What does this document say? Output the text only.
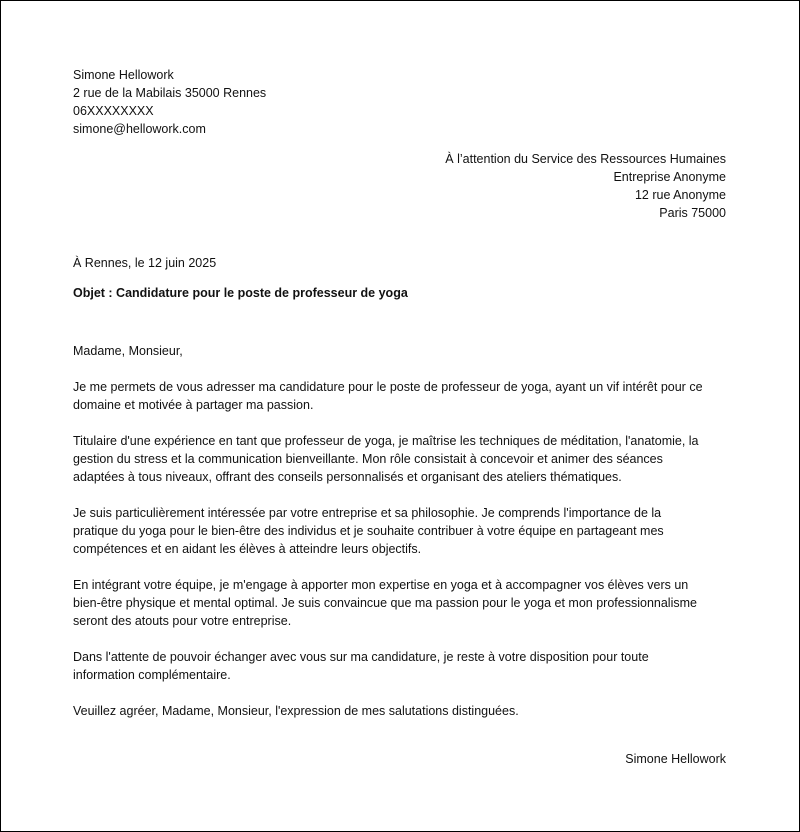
Simone Hellowork
2 rue de la Mabilais 35000 Rennes
06XXXXXXXX
simone@hellowork.com
À l’attention du Service des Ressources Humaines
Entreprise Anonyme
12 rue Anonyme
Paris 75000
À Rennes, le 12 juin 2025
Objet : Candidature pour le poste de professeur de yoga

Madame, Monsieur,

Je me permets de vous adresser ma candidature pour le poste de professeur de yoga, ayant un vif intérêt pour ce
domaine et motivée à partager ma passion.

Titulaire d'une expérience en tant que professeur de yoga, je maîtrise les techniques de méditation, l'anatomie, la
gestion du stress et la communication bienveillante. Mon rôle consistait à concevoir et animer des séances
adaptées à tous niveaux, offrant des conseils personnalisés et organisant des ateliers thématiques.

Je suis particulièrement intéressée par votre entreprise et sa philosophie. Je comprends l'importance de la
pratique du yoga pour le bien-être des individus et je souhaite contribuer à votre équipe en partageant mes
compétences et en aidant les élèves à atteindre leurs objectifs.

En intégrant votre équipe, je m'engage à apporter mon expertise en yoga et à accompagner vos élèves vers un
bien-être physique et mental optimal. Je suis convaincue que ma passion pour le yoga et mon professionnalisme
seront des atouts pour votre entreprise.

Dans l'attente de pouvoir échanger avec vous sur ma candidature, je reste à votre disposition pour toute
information complémentaire.

Veuillez agréer, Madame, Monsieur, l'expression de mes salutations distinguées.

Simone Hellowork
